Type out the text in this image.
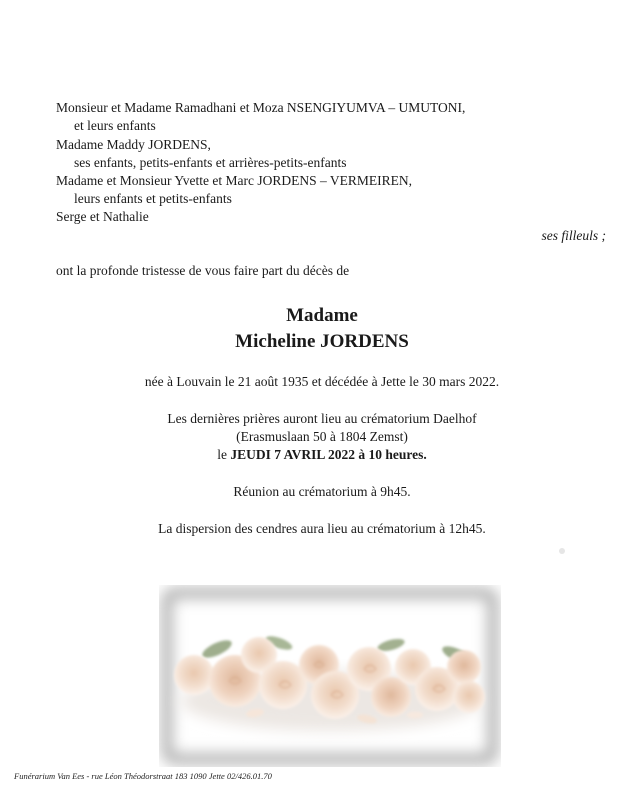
Monsieur et Madame Ramadhani et Moza NSENGIYUMVA – UMUTONI,
et leurs enfants
Madame Maddy JORDENS,
ses enfants, petits-enfants et arrières-petits-enfants
Madame et Monsieur Yvette et Marc JORDENS – VERMEIREN,
leurs enfants et petits-enfants
Serge et Nathalie
ses filleuls ;
ont la profonde tristesse de vous faire part du décès de
Madame
Micheline JORDENS
née à Louvain le 21 août 1935 et décédée à Jette le 30 mars 2022.
Les dernières prières auront lieu au crématorium Daelhof
(Erasmuslaan 50 à 1804 Zemst)
le JEUDI 7 AVRIL 2022 à 10 heures.
Réunion au crématorium à 9h45.
La dispersion des cendres aura lieu au crématorium à 12h45.
Funérarium Van Ees - rue Léon Théodorstraat 183 1090 Jette 02/426.01.70
